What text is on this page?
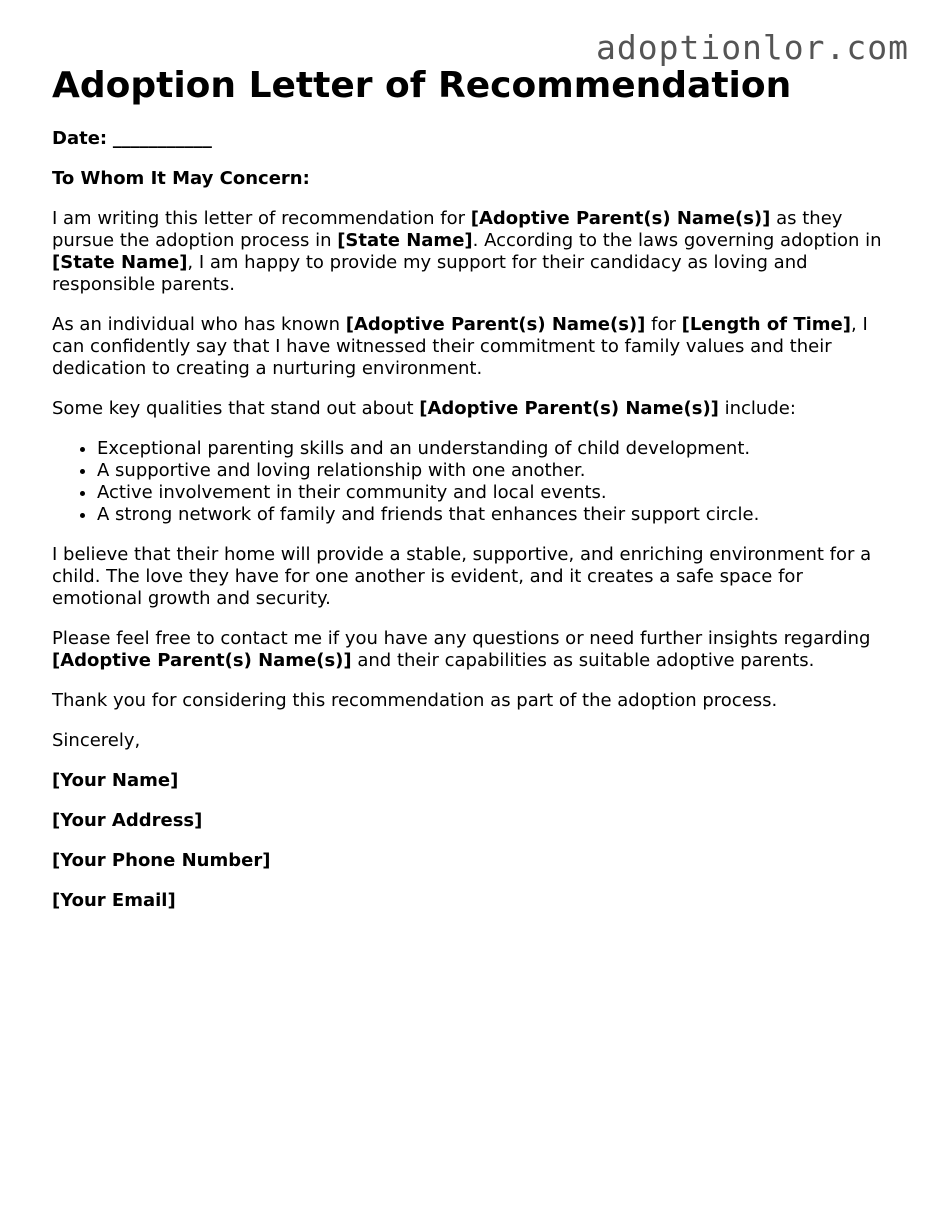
adoptionlor.com
Adoption Letter of Recommendation

Date: ___________

To Whom It May Concern:

I am writing this letter of recommendation for [Adoptive Parent(s) Name(s)] as they pursue the adoption process in [State Name]. According to the laws governing adoption in [State Name], I am happy to provide my support for their candidacy as loving and responsible parents.

As an individual who has known [Adoptive Parent(s) Name(s)] for [Length of Time], I can confidently say that I have witnessed their commitment to family values and their dedication to creating a nurturing environment.

Some key qualities that stand out about [Adoptive Parent(s) Name(s)] include:

• Exceptional parenting skills and an understanding of child development.
• A supportive and loving relationship with one another.
• Active involvement in their community and local events.
• A strong network of family and friends that enhances their support circle.

I believe that their home will provide a stable, supportive, and enriching environment for a child. The love they have for one another is evident, and it creates a safe space for emotional growth and security.

Please feel free to contact me if you have any questions or need further insights regarding [Adoptive Parent(s) Name(s)] and their capabilities as suitable adoptive parents.

Thank you for considering this recommendation as part of the adoption process.

Sincerely,

[Your Name]

[Your Address]

[Your Phone Number]

[Your Email]
